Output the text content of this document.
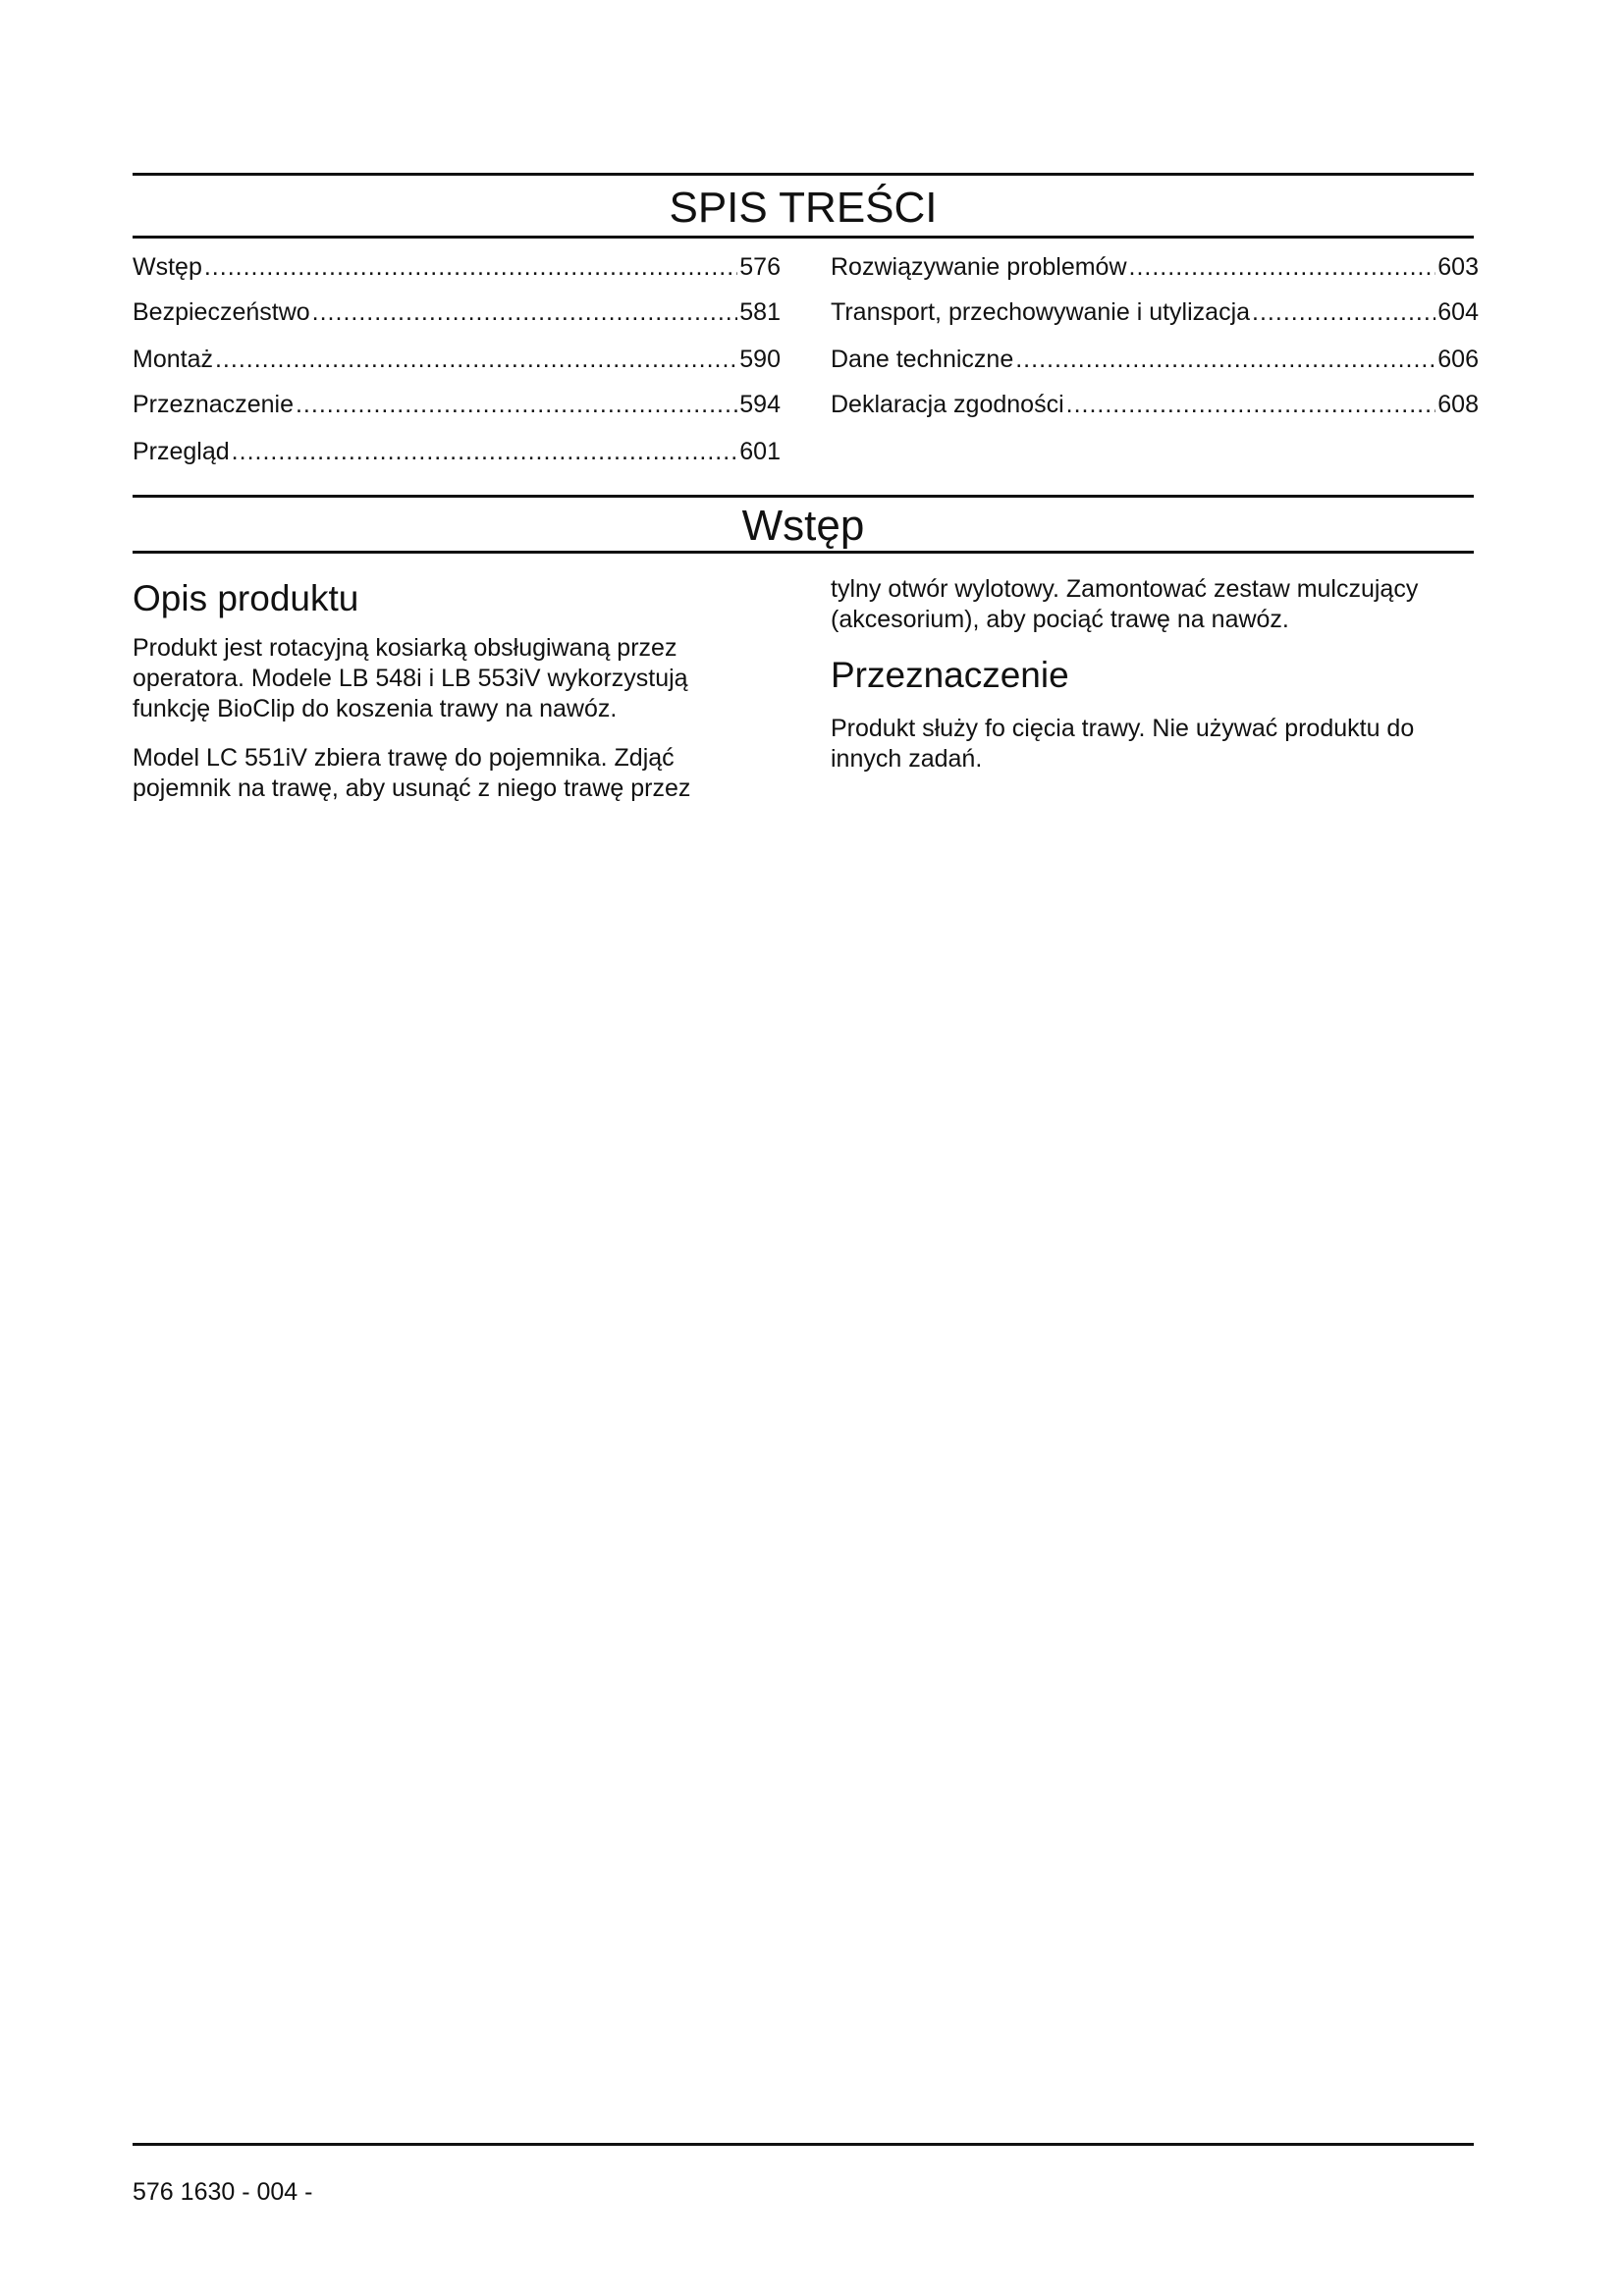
SPIS TREŚCI
Wstęp .....	576
Bezpieczeństwo .....	581
Montaż .....	590
Przeznaczenie .....	594
Przegląd .....	601
Rozwiązywanie problemów .....	603
Transport, przechowywanie i utylizacja .....	604
Dane techniczne .....	606
Deklaracja zgodności .....	608
Wstęp
Opis produktu

Produkt jest rotacyjną kosiarką obsługiwaną przez operatora. Modele LB 548i i LB 553iV wykorzystują funkcję BioClip do koszenia trawy na nawóz.

Model LC 551iV zbiera trawę do pojemnika. Zdjąć pojemnik na trawę, aby usunąć z niego trawę przez

tylny otwór wylotowy. Zamontować zestaw mulczujący (akcesorium), aby pociąć trawę na nawóz.

Przeznaczenie

Produkt służy fo cięcia trawy. Nie używać produktu do innych zadań.

576 1630 - 004 -
